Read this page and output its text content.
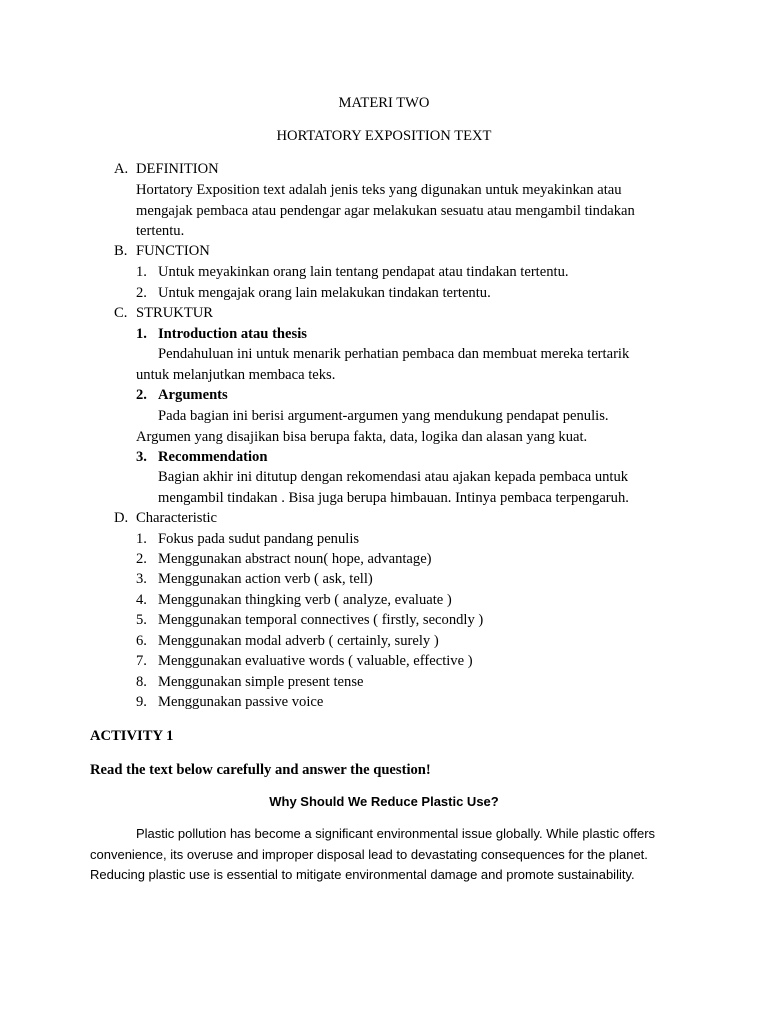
MATERI TWO
HORTATORY EXPOSITION TEXT
A. DEFINITION
Hortatory Exposition text adalah jenis teks yang digunakan untuk meyakinkan atau
mengajak pembaca atau pendengar agar melakukan sesuatu atau mengambil tindakan
tertentu.
B. FUNCTION
1. Untuk meyakinkan orang lain tentang pendapat atau tindakan tertentu.
2. Untuk mengajak orang lain melakukan tindakan tertentu.
C. STRUKTUR
1. Introduction atau thesis
Pendahuluan ini untuk menarik perhatian pembaca dan membuat mereka tertarik
untuk melanjutkan membaca teks.
2. Arguments
Pada bagian ini berisi argument-argumen yang mendukung pendapat penulis.
Argumen yang disajikan bisa berupa fakta, data, logika dan alasan yang kuat.
3. Recommendation
Bagian akhir ini ditutup dengan rekomendasi atau ajakan kepada pembaca untuk
mengambil tindakan . Bisa juga berupa himbauan. Intinya pembaca terpengaruh.
D. Characteristic
1. Fokus pada sudut pandang penulis
2. Menggunakan abstract noun( hope, advantage)
3. Menggunakan action verb ( ask, tell)
4. Menggunakan thingking verb ( analyze, evaluate )
5. Menggunakan temporal connectives ( firstly, secondly )
6. Menggunakan modal adverb ( certainly, surely )
7. Menggunakan evaluative words ( valuable, effective )
8. Menggunakan simple present tense
9. Menggunakan passive voice
ACTIVITY 1
Read the text below carefully and answer the question!
Why Should We Reduce Plastic Use?
Plastic pollution has become a significant environmental issue globally. While plastic offers
convenience, its overuse and improper disposal lead to devastating consequences for the planet.
Reducing plastic use is essential to mitigate environmental damage and promote sustainability.
